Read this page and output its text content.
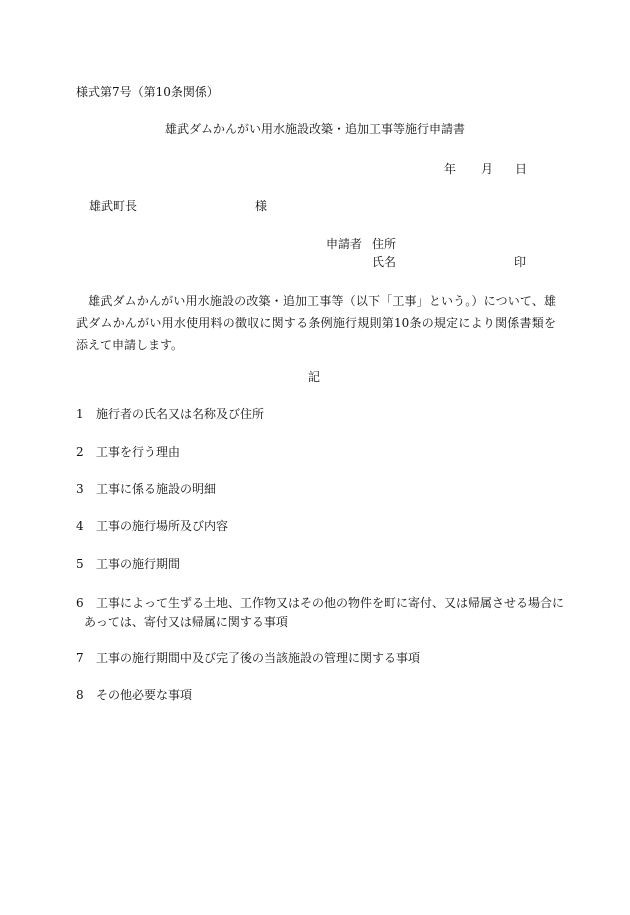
様式第7号（第10条関係）
雄武ダムかんがい用水施設改築・追加工事等施行申請書
年 月 日
雄武町長	様
申請者 住所
氏名	印
雄武ダムかんがい用水施設の改築・追加工事等（以下「工事」という。）について、雄武ダムかんがい用水使用料の徴収に関する条例施行規則第10条の規定により関係書類を添えて申請します。
記
1 施行者の氏名又は名称及び住所
2 工事を行う理由
3 工事に係る施設の明細
4 工事の施行場所及び内容
5 工事の施行期間
6 工事によって生ずる土地、工作物又はその他の物件を町に寄付、又は帰属させる場合に
あっては、寄付又は帰属に関する事項
7 工事の施行期間中及び完了後の当該施設の管理に関する事項
8 その他必要な事項
